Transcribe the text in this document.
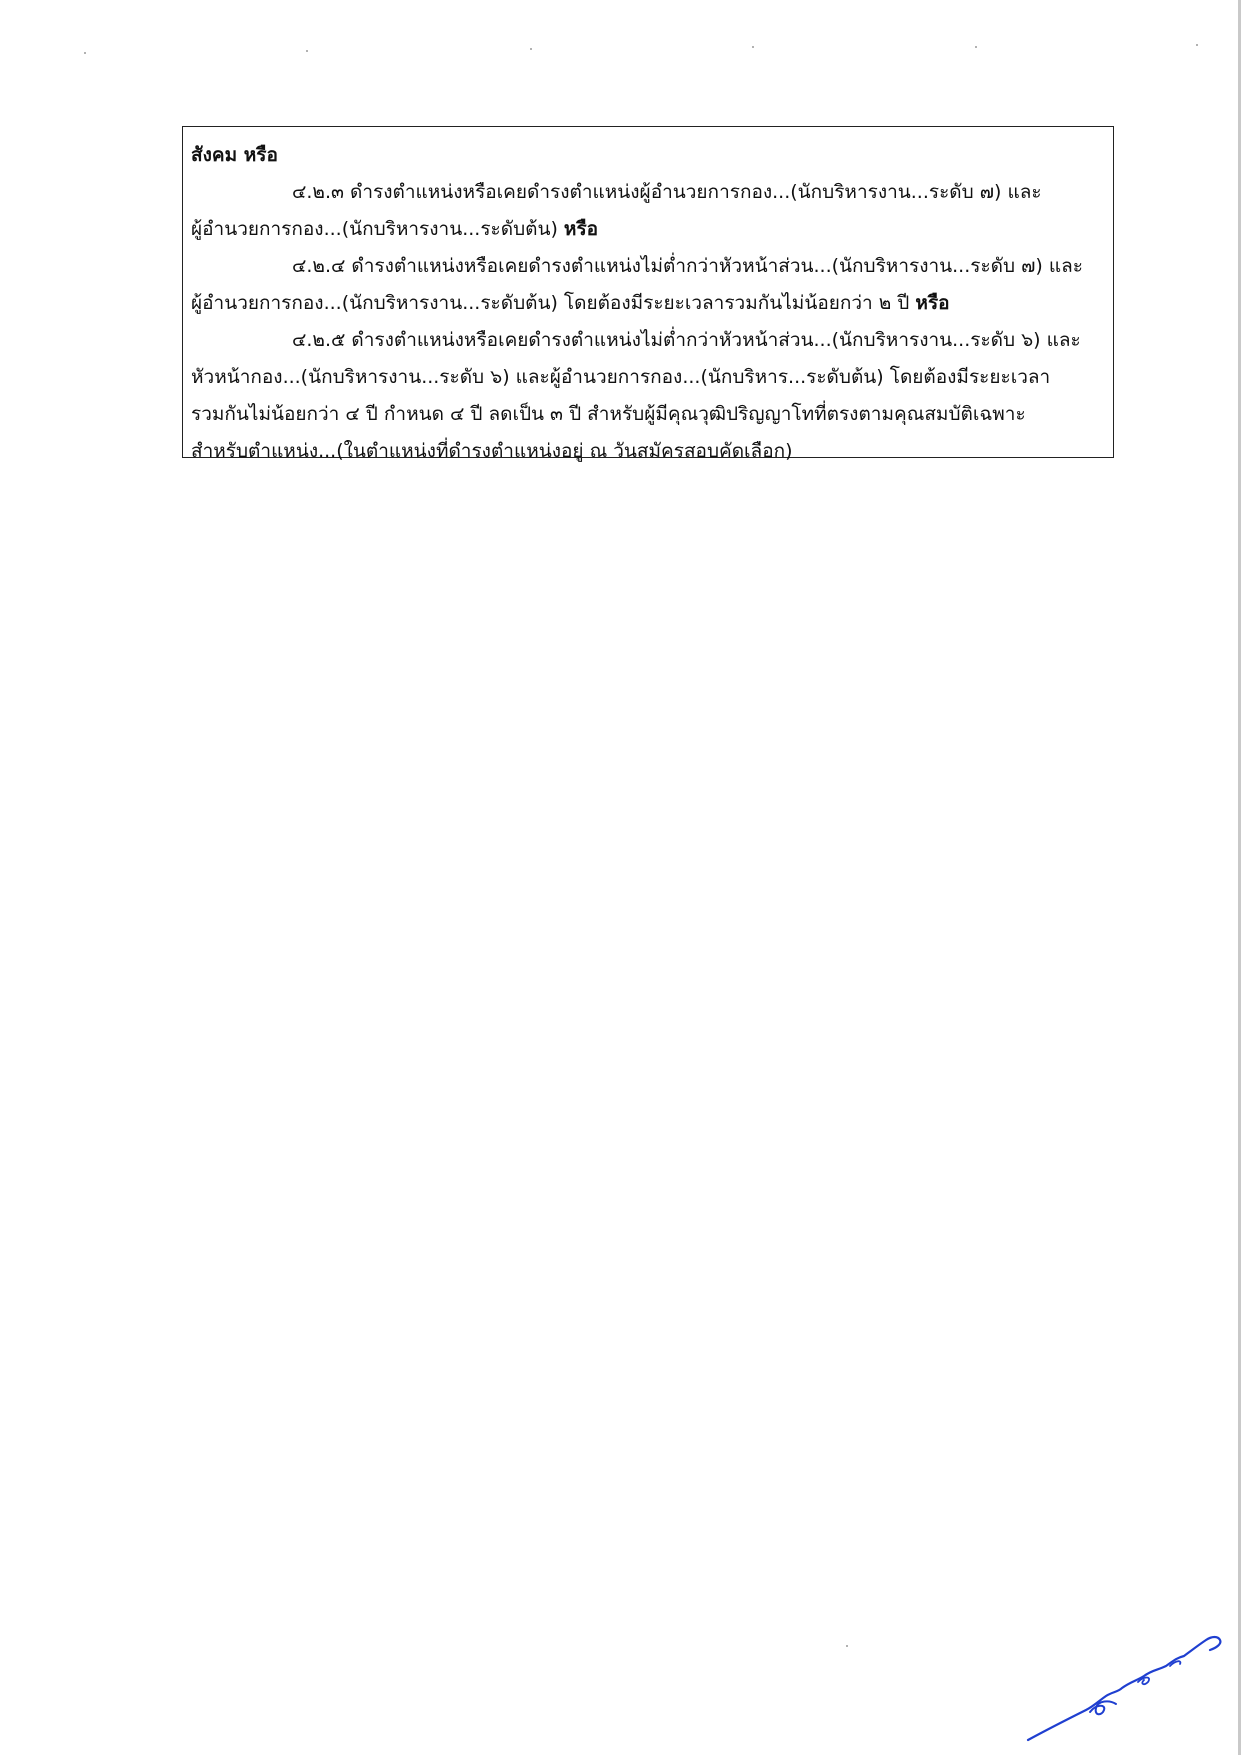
สังคม หรือ
๔.๒.๓ ดำรงตำแหน่งหรือเคยดำรงตำแหน่งผู้อำนวยการกอง...(นักบริหารงาน...ระดับ ๗) และ
ผู้อำนวยการกอง...(นักบริหารงาน...ระดับต้น) หรือ
๔.๒.๔ ดำรงตำแหน่งหรือเคยดำรงตำแหน่งไม่ต่ำกว่าหัวหน้าส่วน...(นักบริหารงาน...ระดับ ๗) และ
ผู้อำนวยการกอง...(นักบริหารงาน...ระดับต้น) โดยต้องมีระยะเวลารวมกันไม่น้อยกว่า ๒ ปี หรือ
๔.๒.๕ ดำรงตำแหน่งหรือเคยดำรงตำแหน่งไม่ต่ำกว่าหัวหน้าส่วน...(นักบริหารงาน...ระดับ ๖) และ
หัวหน้ากอง...(นักบริหารงาน...ระดับ ๖) และผู้อำนวยการกอง...(นักบริหาร...ระดับต้น) โดยต้องมีระยะเวลา
รวมกันไม่น้อยกว่า ๔ ปี กำหนด ๔ ปี ลดเป็น ๓ ปี สำหรับผู้มีคุณวุฒิปริญญาโทที่ตรงตามคุณสมบัติเฉพาะ
สำหรับตำแหน่ง...(ในตำแหน่งที่ดำรงตำแหน่งอยู่ ณ วันสมัครสอบคัดเลือก)
